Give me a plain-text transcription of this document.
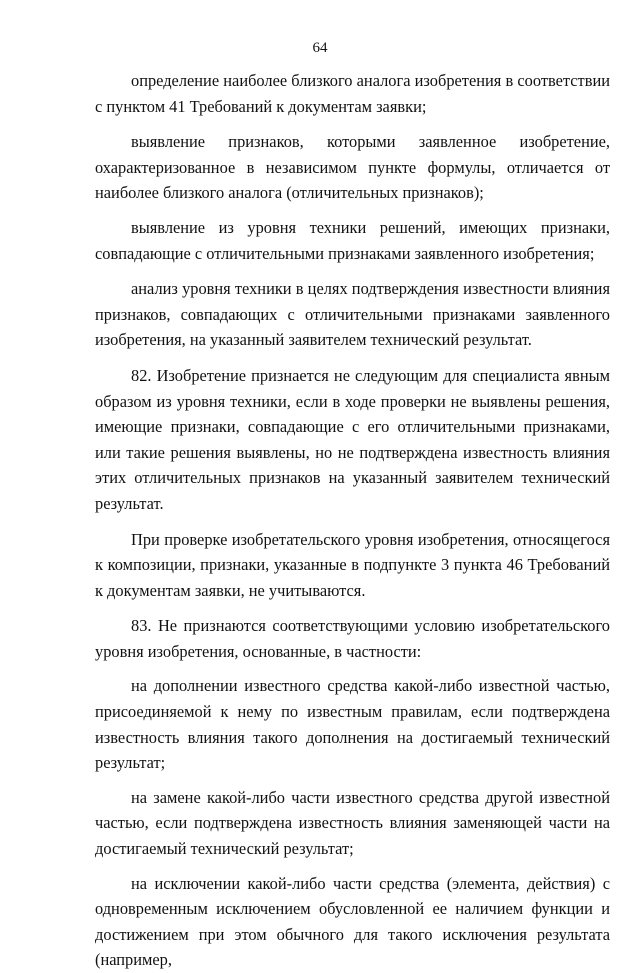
64

определение наиболее близкого аналога изобретения в соответствии с пунктом 41 Требований к документам заявки;

выявление признаков, которыми заявленное изобретение, охарактеризованное в независимом пункте формулы, отличается от наиболее близкого аналога (отличительных признаков);

выявление из уровня техники решений, имеющих признаки, совпадающие с отличительными признаками заявленного изобретения;

анализ уровня техники в целях подтверждения известности влияния признаков, совпадающих с отличительными признаками заявленного изобретения, на указанный заявителем технический результат.

82. Изобретение признается не следующим для специалиста явным образом из уровня техники, если в ходе проверки не выявлены решения, имеющие признаки, совпадающие с его отличительными признаками, или такие решения выявлены, но не подтверждена известность влияния этих отличительных признаков на указанный заявителем технический результат.

При проверке изобретательского уровня изобретения, относящегося к композиции, признаки, указанные в подпункте 3 пункта 46 Требований к документам заявки, не учитываются.

83. Не признаются соответствующими условию изобретательского уровня изобретения, основанные, в частности:

на дополнении известного средства какой-либо известной частью, присоединяемой к нему по известным правилам, если подтверждена известность влияния такого дополнения на достигаемый технический результат;

на замене какой-либо части известного средства другой известной частью, если подтверждена известность влияния заменяющей части на достигаемый технический результат;

на исключении какой-либо части средства (элемента, действия) с одновременным исключением обусловленной ее наличием функции и достижением при этом обычного для такого исключения результата (например,
